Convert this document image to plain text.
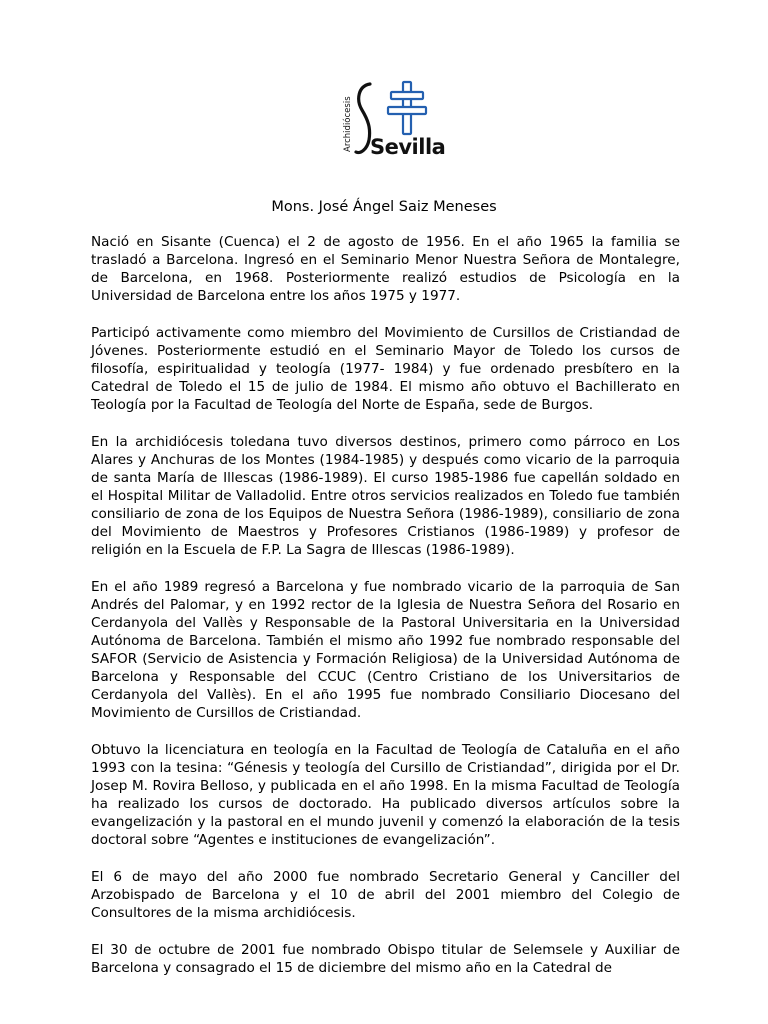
Archidiócesis Sevilla
Mons. José Ángel Saiz Meneses

Nació en Sisante (Cuenca) el 2 de agosto de 1956. En el año 1965 la familia se trasladó a Barcelona. Ingresó en el Seminario Menor Nuestra Señora de Montalegre, de Barcelona, en 1968. Posteriormente realizó estudios de Psicología en la Universidad de Barcelona entre los años 1975 y 1977.

Participó activamente como miembro del Movimiento de Cursillos de Cristiandad de Jóvenes. Posteriormente estudió en el Seminario Mayor de Toledo los cursos de filosofía, espiritualidad y teología (1977- 1984) y fue ordenado presbítero en la Catedral de Toledo el 15 de julio de 1984. El mismo año obtuvo el Bachillerato en Teología por la Facultad de Teología del Norte de España, sede de Burgos.

En la archidiócesis toledana tuvo diversos destinos, primero como párroco en Los Alares y Anchuras de los Montes (1984-1985) y después como vicario de la parroquia de santa María de Illescas (1986-1989). El curso 1985-1986 fue capellán soldado en el Hospital Militar de Valladolid. Entre otros servicios realizados en Toledo fue también consiliario de zona de los Equipos de Nuestra Señora (1986-1989), consiliario de zona del Movimiento de Maestros y Profesores Cristianos (1986-1989) y profesor de religión en la Escuela de F.P. La Sagra de Illescas (1986-1989).

En el año 1989 regresó a Barcelona y fue nombrado vicario de la parroquia de San Andrés del Palomar, y en 1992 rector de la Iglesia de Nuestra Señora del Rosario en Cerdanyola del Vallès y Responsable de la Pastoral Universitaria en la Universidad Autónoma de Barcelona. También el mismo año 1992 fue nombrado responsable del SAFOR (Servicio de Asistencia y Formación Religiosa) de la Universidad Autónoma de Barcelona y Responsable del CCUC (Centro Cristiano de los Universitarios de Cerdanyola del Vallès). En el año 1995 fue nombrado Consiliario Diocesano del Movimiento de Cursillos de Cristiandad.

Obtuvo la licenciatura en teología en la Facultad de Teología de Cataluña en el año 1993 con la tesina: “Génesis y teología del Cursillo de Cristiandad”, dirigida por el Dr. Josep M. Rovira Belloso, y publicada en el año 1998. En la misma Facultad de Teología ha realizado los cursos de doctorado. Ha publicado diversos artículos sobre la evangelización y la pastoral en el mundo juvenil y comenzó la elaboración de la tesis doctoral sobre “Agentes e instituciones de evangelización”.

El 6 de mayo del año 2000 fue nombrado Secretario General y Canciller del Arzobispado de Barcelona y el 10 de abril del 2001 miembro del Colegio de Consultores de la misma archidiócesis.

El 30 de octubre de 2001 fue nombrado Obispo titular de Selemsele y Auxiliar de Barcelona y consagrado el 15 de diciembre del mismo año en la Catedral de
